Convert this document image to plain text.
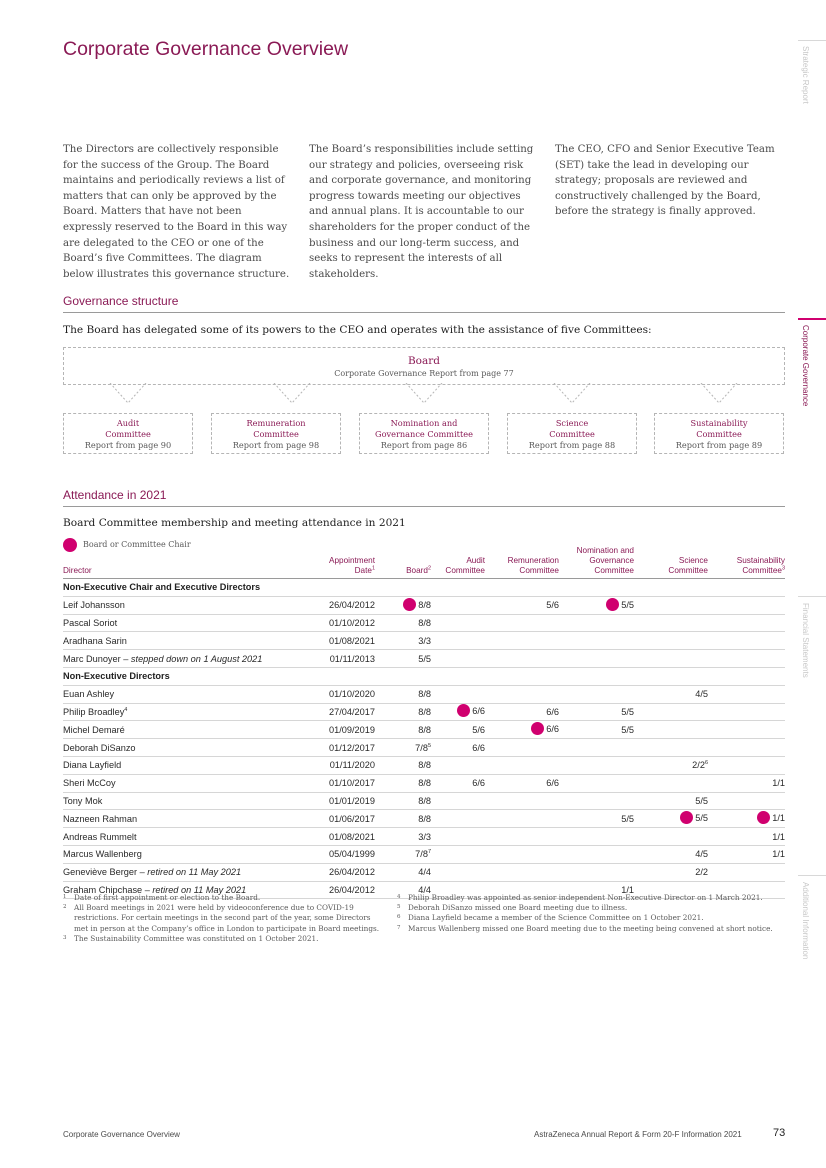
Corporate Governance Overview
The Directors are collectively responsible for the success of the Group. The Board maintains and periodically reviews a list of matters that can only be approved by the Board. Matters that have not been expressly reserved to the Board in this way are delegated to the CEO or one of the Board’s five Committees. The diagram below illustrates this governance structure.
The Board’s responsibilities include setting our strategy and policies, overseeing risk and corporate governance, and monitoring progress towards meeting our objectives and annual plans. It is accountable to our shareholders for the proper conduct of the business and our long-term success, and seeks to represent the interests of all stakeholders.
The CEO, CFO and Senior Executive Team (SET) take the lead in developing our strategy; proposals are reviewed and constructively challenged by the Board, before the strategy is finally approved.
Governance structure
The Board has delegated some of its powers to the CEO and operates with the assistance of five Committees:
Board
Corporate Governance Report from page 77
Audit
Committee
Report from page 90
Remuneration
Committee
Report from page 98
Nomination and
Governance Committee
Report from page 86
Science
Committee
Report from page 88
Sustainability
Committee
Report from page 89
Attendance in 2021
Board Committee membership and meeting attendance in 2021
Board or Committee Chair
Director	Appointment
Date$^1$	Board$^2$	Audit
Committee	Remuneration
Committee	Nomination and
Governance
Committee	Science
Committee	Sustainability
Committee$^3$
Non-Executive Chair and Executive Directors							
Leif Johansson	26/04/2012	8/8		5/6	5/5		
Pascal Soriot	01/10/2012	8/8					
Aradhana Sarin	01/08/2021	3/3					
Marc Dunoyer – stepped down on 1 August 2021	01/11/2013	5/5					
Non-Executive Directors							
Euan Ashley	01/10/2020	8/8				4/5	
Philip Broadley$^4$	27/04/2017	8/8	6/6	6/6	5/5		
Michel Demaré	01/09/2019	8/8	5/6	6/6	5/5		
Deborah DiSanzo	01/12/2017	$7/8^5$	6/6				
Diana Layfield	01/11/2020	8/8				$2/2^6$	
Sheri McCoy	01/10/2017	8/8	6/6	6/6			1/1
Tony Mok	01/01/2019	8/8				5/5	
Nazneen Rahman	01/06/2017	8/8			5/5	5/5	1/1
Andreas Rummelt	01/08/2021	3/3					1/1
Marcus Wallenberg	05/04/1999	$7/8^7$				4/5	1/1
Geneviève Berger – retired on 11 May 2021	26/04/2012	4/4				2/2	
Graham Chipchase – retired on 11 May 2021	26/04/2012	4/4			1/1		
1 Date of first appointment or election to the Board.
2 All Board meetings in 2021 were held by videoconference due to COVID-19 restrictions. For certain meetings in the second part of the year, some Directors met in person at the Company’s office in London to participate in Board meetings.
3 The Sustainability Committee was constituted on 1 October 2021.
4 Philip Broadley was appointed as senior independent Non-Executive Director on 1 March 2021.
5 Deborah DiSanzo missed one Board meeting due to illness.
6 Diana Layfield became a member of the Science Committee on 1 October 2021.
7 Marcus Wallenberg missed one Board meeting due to the meeting being convened at short notice.
Strategic Report
Corporate Governance
Financial Statements
Additional Information
Corporate Governance Overview	AstraZeneca Annual Report & Form 20-F Information 2021	73
